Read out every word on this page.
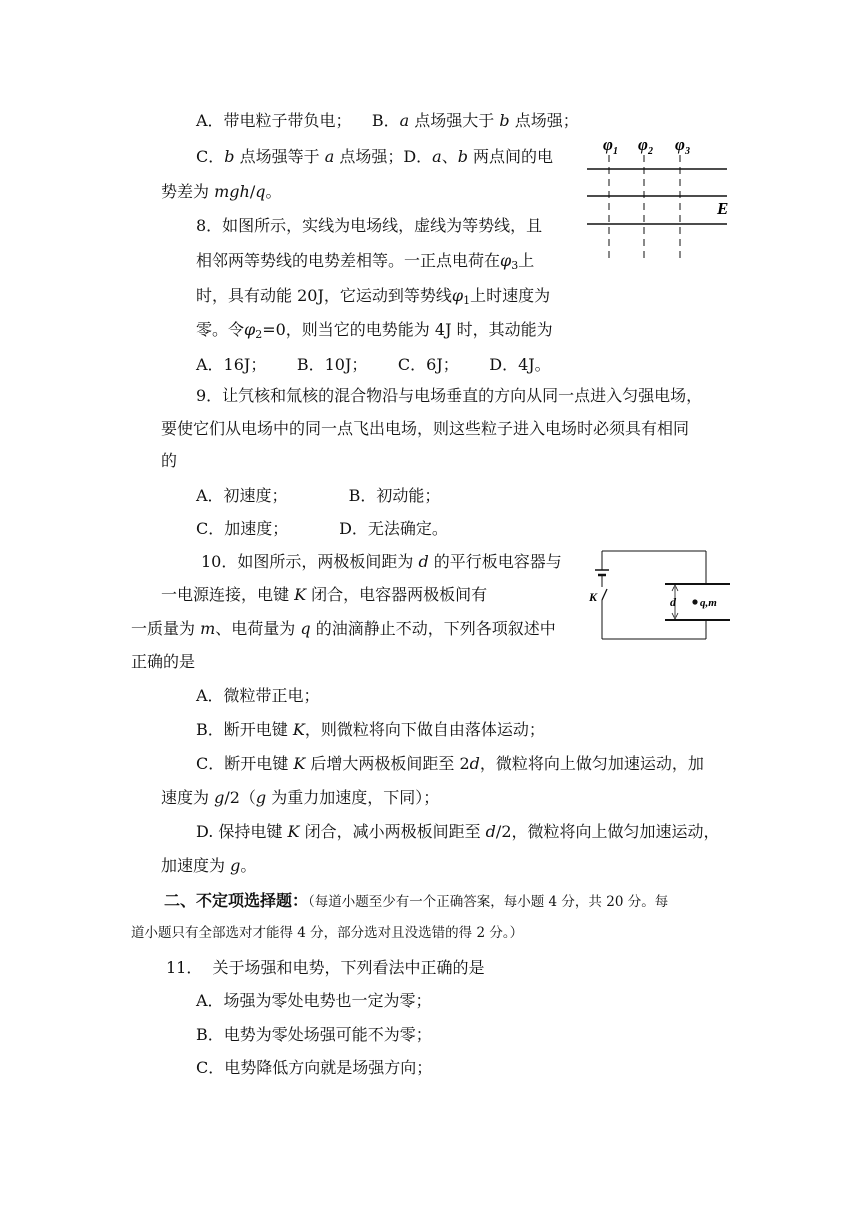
A．带电粒子带负电； B．a 点场强大于 b 点场强；
C．b 点场强等于 a 点场强；D．a、b 两点间的电
势差为 mgh/q。
$\varphi_1$ $\varphi_2$ $\varphi_3$
E
8．如图所示，实线为电场线，虚线为等势线，且
相邻两等势线的电势差相等。一正点电荷在$\varphi_3$上
时，具有动能 20J，它运动到等势线$\varphi_1$上时速度为
零。令$\varphi_2=0$，则当它的电势能为 4J 时，其动能为
A．16J；      B．10J；      C．6J；      D．4J。
9．让氕核和氚核的混合物沿与电场垂直的方向从同一点进入匀强电场，
要使它们从电场中的同一点飞出电场，则这些粒子进入电场时必须具有相同
的
A．初速度；            B．初动能；
C．加速度；          D．无法确定。
K	d q,m
10．如图所示，两极板间距为 d 的平行板电容器与
一电源连接，电键 K 闭合，电容器两极板间有
一质量为 m、电荷量为 q 的油滴静止不动，下列各项叙述中
正确的是
A．微粒带正电；
B．断开电键 K，则微粒将向下做自由落体运动；
C．断开电键 K 后增大两极板间距至 2d，微粒将向上做匀加速运动，加
速度为 g/2（g 为重力加速度，下同）；
D. 保持电键 K 闭合，减小两极板间距至 d/2，微粒将向上做匀加速运动，
加速度为 g。
二、不定项选择题：（每道小题至少有一个正确答案，每小题 4 分，共 20 分。每
道小题只有全部选对才能得 4 分，部分选对且没选错的得 2 分。）
11．  关于场强和电势，下列看法中正确的是
A．场强为零处电势也一定为零；
B．电势为零处场强可能不为零；
C．电势降低方向就是场强方向；
